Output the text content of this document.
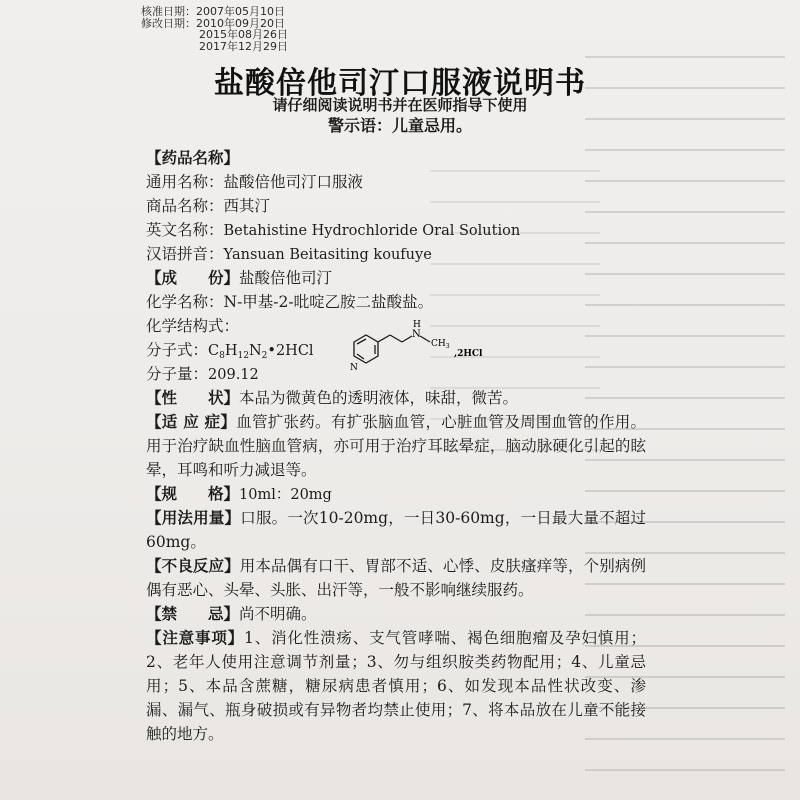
核准日期：2007年05月10日
修改日期：2010年09月20日
2015年08月26日
2017年12月29日
盐酸倍他司汀口服液说明书
请仔细阅读说明书并在医师指导下使用
警示语：儿童忌用。
【药品名称】
通用名称：盐酸倍他司汀口服液
商品名称：西其汀
英文名称：Betahistine Hydrochloride Oral Solution
汉语拼音：Yansuan Beitasiting koufuye
【成　　份】盐酸倍他司汀
化学名称：N-甲基-2-吡啶乙胺二盐酸盐。
化学结构式：
分子式：$C_8H_{12}N_2•2HCl$
分子量：209.12
【性　　状】本品为微黄色的透明液体，味甜，微苦。
【适 应 症】血管扩张药。有扩张脑血管，心脏血管及周围血管的作用。用于治疗缺血性脑血管病，亦可用于治疗耳眩晕症，脑动脉硬化引起的眩晕，耳鸣和听力减退等。
【规　　格】10ml：20mg
【用法用量】口服。一次10-20mg，一日30-60mg，一日最大量不超过60mg。
【不良反应】用本品偶有口干、胃部不适、心悸、皮肤瘙痒等，个别病例偶有恶心、头晕、头胀、出汗等，一般不影响继续服药。
【禁　　忌】尚不明确。
【注意事项】1、消化性溃疡、支气管哮喘、褐色细胞瘤及孕妇慎用；2、老年人使用注意调节剂量；3、勿与组织胺类药物配用；4、儿童忌用；5、本品含蔗糖，糖尿病患者慎用；6、如发现本品性状改变、渗漏、漏气、瓶身破损或有异物者均禁止使用；7、将本品放在儿童不能接触的地方。
N
N
H
$CH_3$
,2HCl
